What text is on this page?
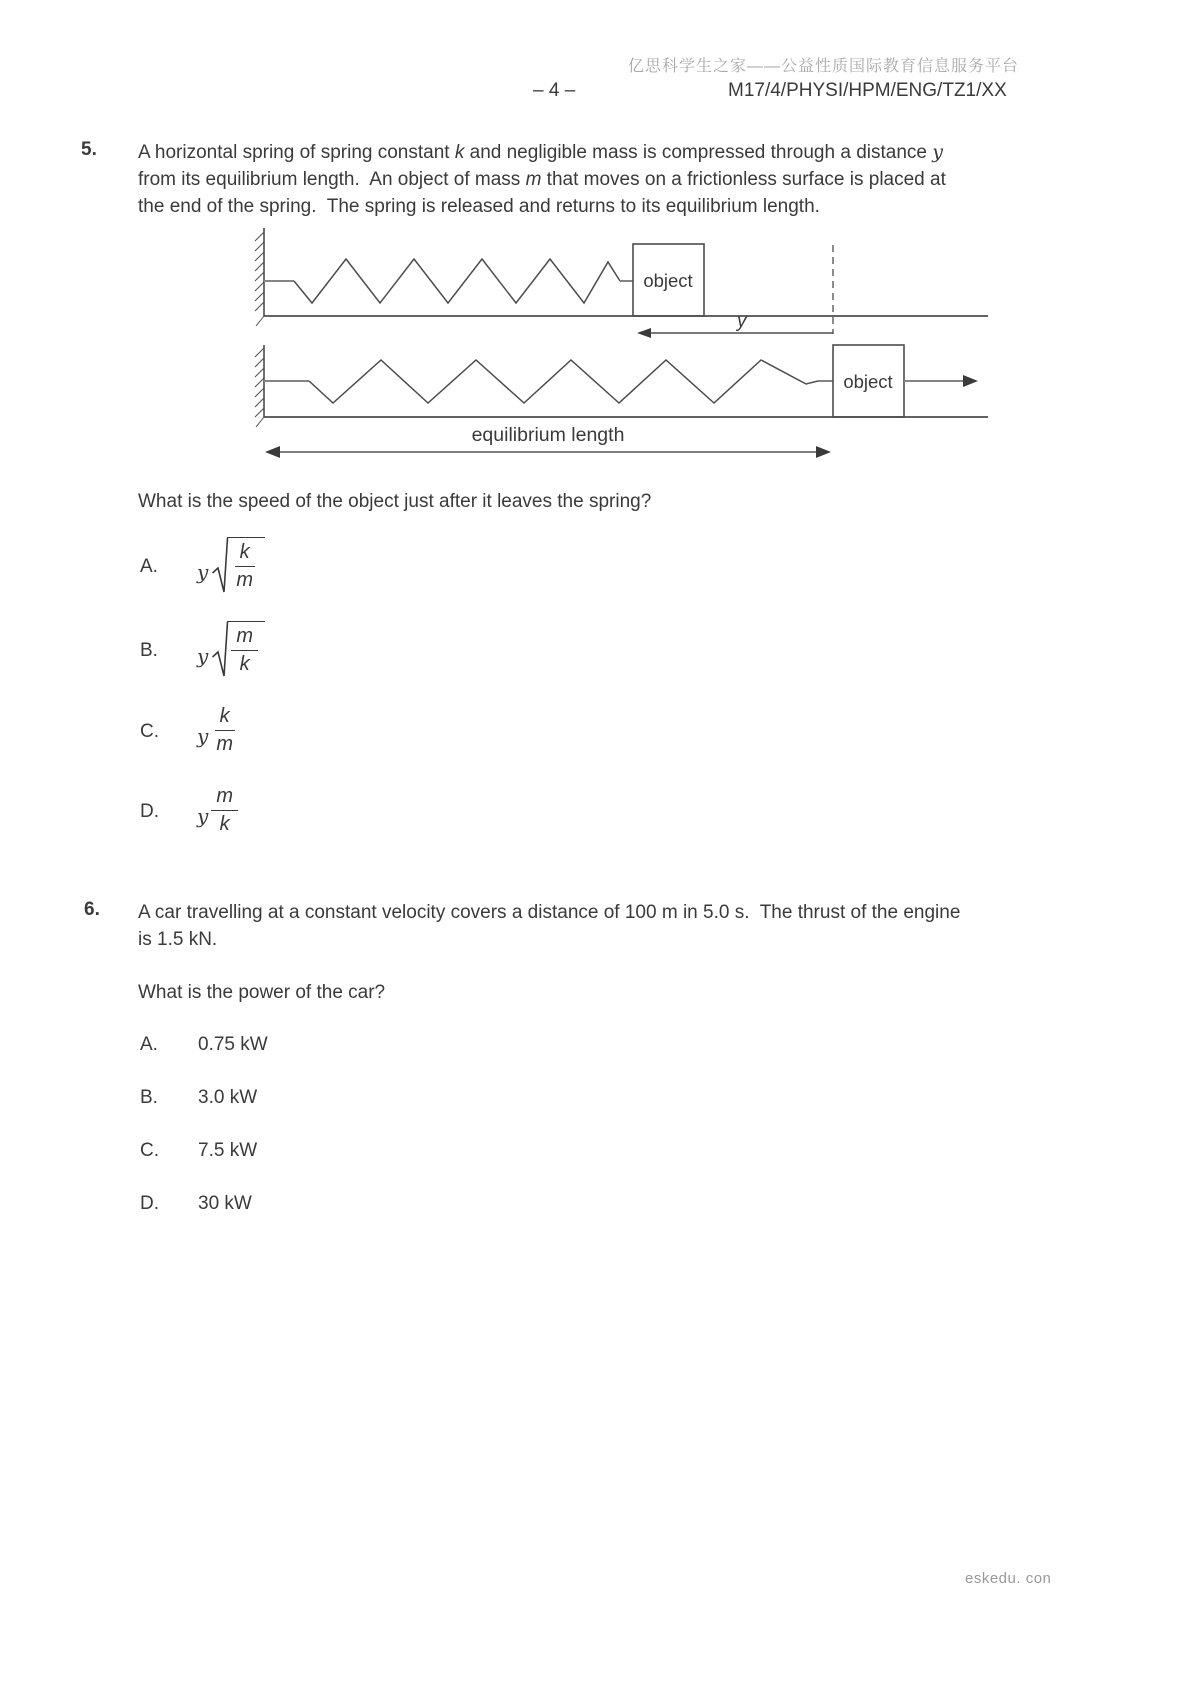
亿思科学生之家——公益性质国际教育信息服务平台
– 4 –	M17/4/PHYSI/HPM/ENG/TZ1/XX
5. A horizontal spring of spring constant k and negligible mass is compressed through a distance y
from its equilibrium length.  An object of mass m that moves on a frictionless surface is placed at
the end of the spring.  The spring is released and returns to its equilibrium length.
object
y
object
equilibrium length
What is the speed of the object just after it leaves the spring?
A. y $\frac{k}{m}$
B. y $\frac{m}{k}$
C. y $\frac{k}{m}$
D. y $\frac{m}{k}$
6. A car travelling at a constant velocity covers a distance of 100 m in 5.0 s.  The thrust of the engine
is 1.5 kN.
What is the power of the car?
A. 0.75 kW
B. 3.0 kW
C. 7.5 kW
D. 30 kW
eskedu. con
